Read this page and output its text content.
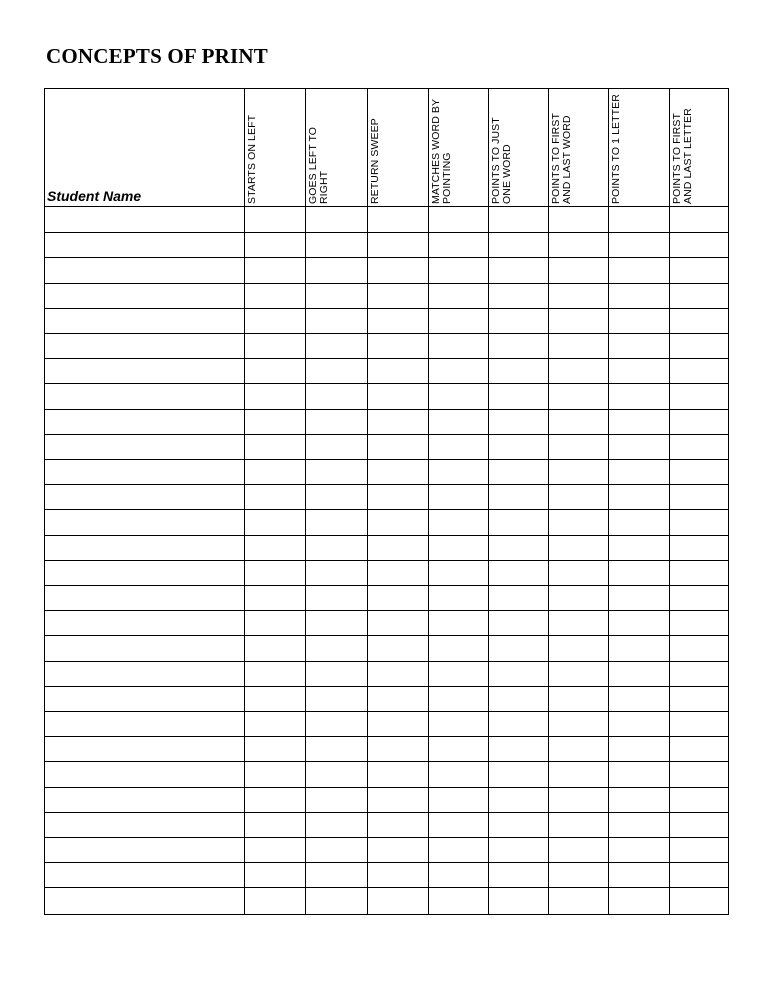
CONCEPTS OF PRINT
Student Name	STARTS ON LEFT	GOES LEFT TO RIGHT	RETURN SWEEP	MATCHES WORD BY POINTING	POINTS TO JUST ONE WORD	POINTS TO FIRST AND LAST WORD	POINTS TO 1 LETTER	POINTS TO FIRST AND LAST LETTER
